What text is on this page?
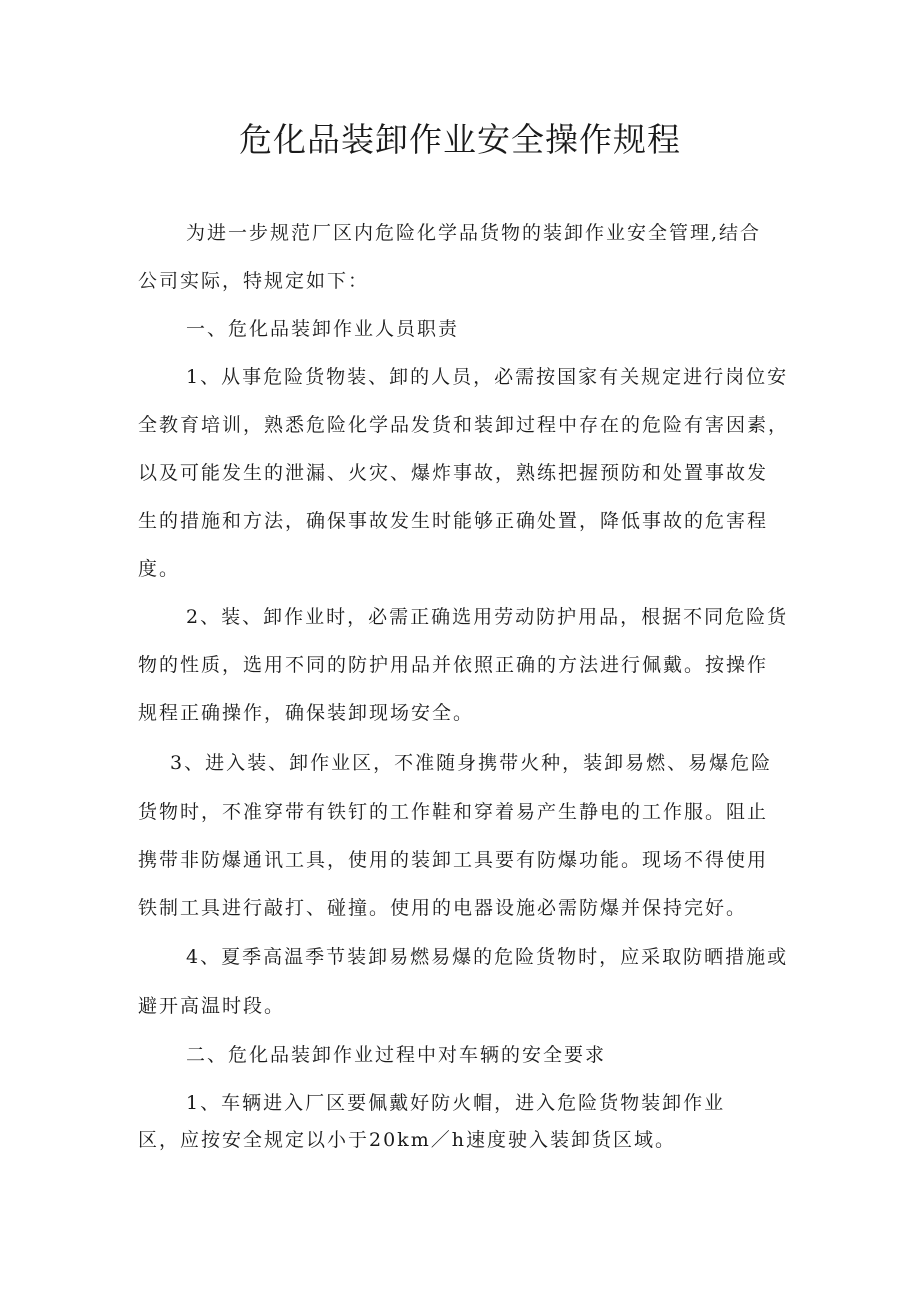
危化品装卸作业安全操作规程

为进一步规范厂区内危险化学品货物的装卸作业安全管理,结合

公司实际，特规定如下：

一、危化品装卸作业人员职责

1、从事危险货物装、卸的人员，必需按国家有关规定进行岗位安

全教育培训，熟悉危险化学品发货和装卸过程中存在的危险有害因素，

以及可能发生的泄漏、火灾、爆炸事故，熟练把握预防和处置事故发

生的措施和方法，确保事故发生时能够正确处置，降低事故的危害程

度。

2、装、卸作业时，必需正确选用劳动防护用品，根据不同危险货

物的性质，选用不同的防护用品并依照正确的方法进行佩戴。按操作

规程正确操作，确保装卸现场安全。

3、进入装、卸作业区，不准随身携带火种，装卸易燃、易爆危险

货物时，不准穿带有铁钉的工作鞋和穿着易产生静电的工作服。阻止

携带非防爆通讯工具，使用的装卸工具要有防爆功能。现场不得使用

铁制工具进行敲打、碰撞。使用的电器设施必需防爆并保持完好。

4、夏季高温季节装卸易燃易爆的危险货物时，应采取防晒措施或

避开高温时段。

二、危化品装卸作业过程中对车辆的安全要求

1、车辆进入厂区要佩戴好防火帽，进入危险货物装卸作业

区，应按安全规定以小于20km／h速度驶入装卸货区域。
